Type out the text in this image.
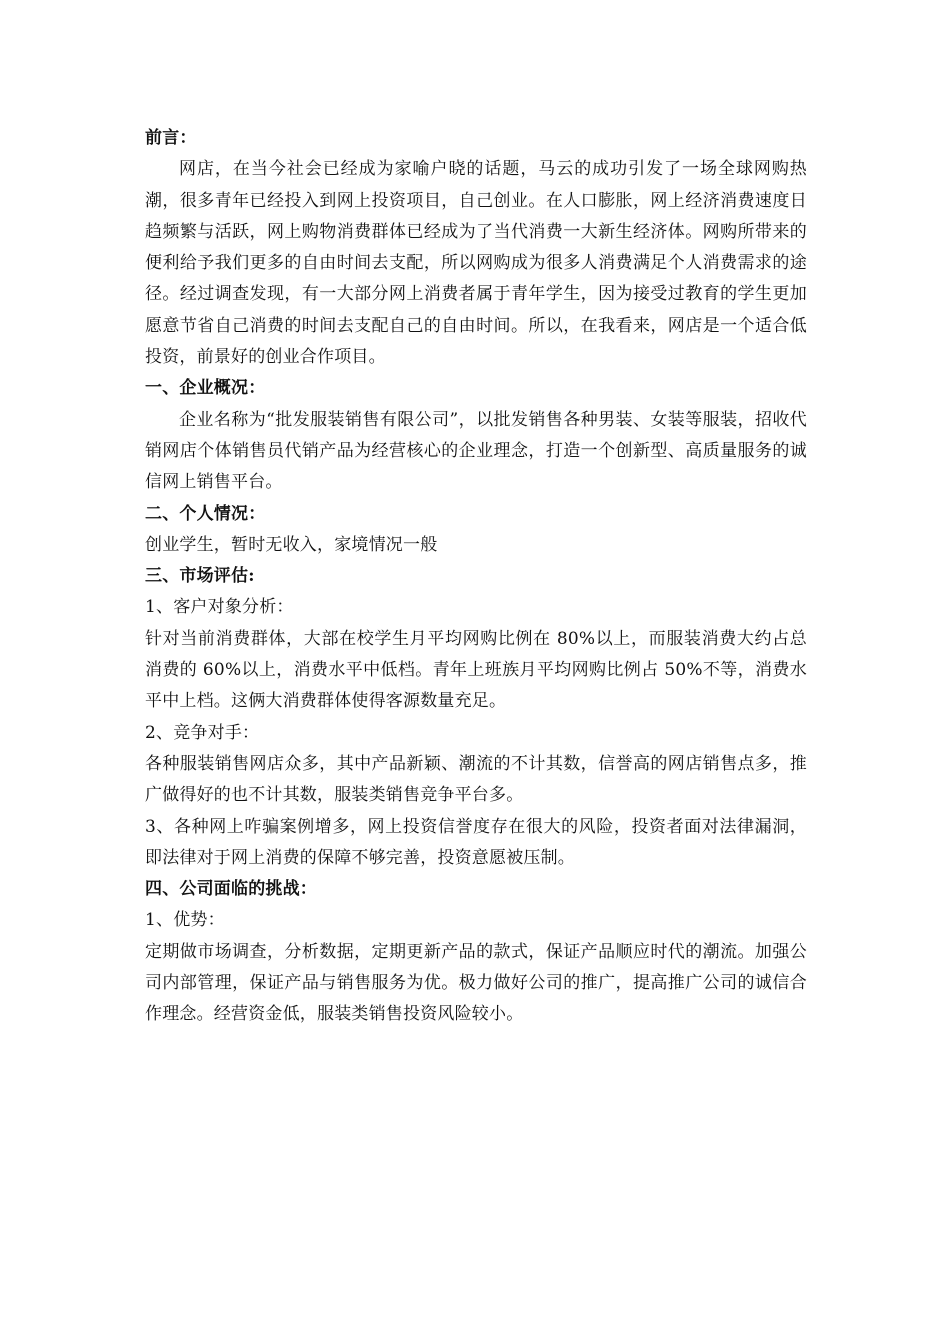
前言：

网店，在当今社会已经成为家喻户晓的话题，马云的成功引发了一场全球网购热潮，很多青年已经投入到网上投资项目，自己创业。在人口膨胀，网上经济消费速度日趋频繁与活跃，网上购物消费群体已经成为了当代消费一大新生经济体。网购所带来的便利给予我们更多的自由时间去支配，所以网购成为很多人消费满足个人消费需求的途径。经过调查发现，有一大部分网上消费者属于青年学生，因为接受过教育的学生更加愿意节省自己消费的时间去支配自己的自由时间。所以，在我看来，网店是一个适合低投资，前景好的创业合作项目。

一、企业概况：

企业名称为“批发服装销售有限公司”，以批发销售各种男装、女装等服装，招收代销网店个体销售员代销产品为经营核心的企业理念，打造一个创新型、高质量服务的诚信网上销售平台。

二、个人情况：

创业学生，暂时无收入，家境情况一般

三、市场评估:

1、客户对象分析：

针对当前消费群体，大部在校学生月平均网购比例在 80%以上，而服装消费大约占总消费的 60%以上，消费水平中低档。青年上班族月平均网购比例占 50%不等，消费水平中上档。这俩大消费群体使得客源数量充足。

2、竞争对手：

各种服装销售网店众多，其中产品新颖、潮流的不计其数，信誉高的网店销售点多，推广做得好的也不计其数，服装类销售竞争平台多。

3、各种网上咋骗案例增多，网上投资信誉度存在很大的风险，投资者面对法律漏洞，即法律对于网上消费的保障不够完善，投资意愿被压制。

四、公司面临的挑战：

1、优势：

定期做市场调查，分析数据，定期更新产品的款式，保证产品顺应时代的潮流。加强公司内部管理，保证产品与销售服务为优。极力做好公司的推广，提高推广公司的诚信合作理念。经营资金低，服装类销售投资风险较小。
